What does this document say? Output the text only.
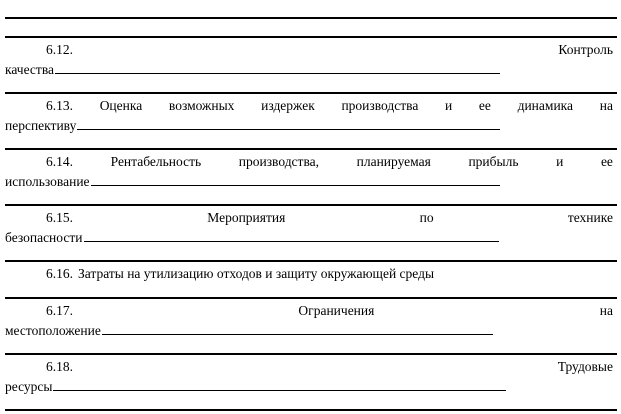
6.12.	Контроль
качества
6.13. Оценка возможных издержек производства и ее динамика на
перспективу
6.14.	Рентабельность	производства,	планируемая	прибыль	и	ее
использование
6.15.	Мероприятия	по	технике
безопасности
6.16. Затраты на утилизацию отходов и защиту окружающей среды
6.17.	Ограничения	на
местоположение
6.18.	Трудовые
ресурсы
